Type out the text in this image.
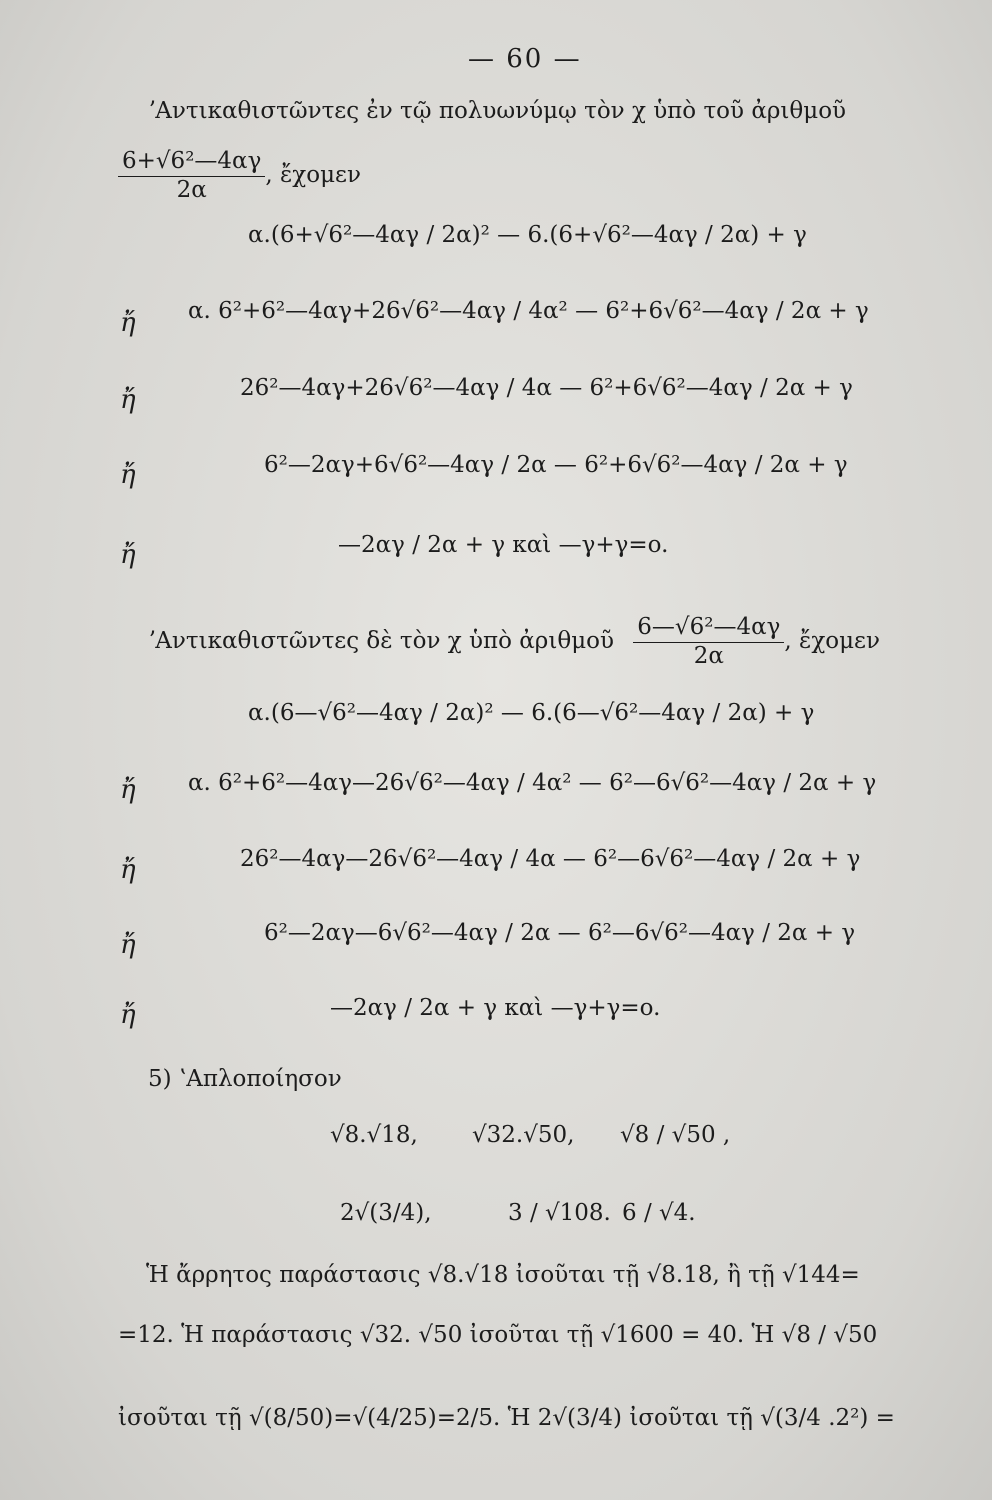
— 60 —
ʼΑντικαθιστῶντες ἐν τῷ πολυωνύμῳ τὸν χ ὑπὸ τοῦ ἀριθμοῦ
$\frac{\text{6+√6²—4αγ}}{2\alpha}$ , ἔχομεν
α.(6+√6²—4αγ / 2α)² — 6.(6+√6²—4αγ / 2α) + γ
ἤ α. 6²+6²—4αγ+26√6²—4αγ / 4α² — 6²+6√6²—4αγ / 2α + γ
ἤ	26²—4αγ+26√6²—4αγ / 4α — 6²+6√6²—4αγ / 2α + γ
ἤ	6²—2αγ+6√6²—4αγ / 2α — 6²+6√6²—4αγ / 2α + γ
ἤ	—2αγ / 2α + γ καὶ —γ+γ=o.
ʼΑντικαθιστῶντες δὲ τὸν χ ὑπὸ ἀριθμοῦ $\frac{\text{6—√6²—4αγ}}{2\alpha}$ , ἔχομεν
α.(6—√6²—4αγ / 2α)² — 6.(6—√6²—4αγ / 2α) + γ
ἤ α. 6²+6²—4αγ—26√6²—4αγ / 4α² — 6²—6√6²—4αγ / 2α + γ
ἤ	26²—4αγ—26√6²—4αγ / 4α — 6²—6√6²—4αγ / 2α + γ
ἤ	6²—2αγ—6√6²—4αγ / 2α — 6²—6√6²—4αγ / 2α + γ
ἤ	—2αγ / 2α + γ καὶ —γ+γ=o.
5) ʽΑπλοποίησον
√8.√18, √32.√50, √8 / √50 ,
2√(3/4),	3 / √108. 6 / √4.
Ἡ ἄρρητος παράστασις √8.√18 ἰσοῦται τῇ √8.18, ἢ τῇ √144=
=12. Ἡ παράστασις √32. √50 ἰσοῦται τῇ √1600 = 40. Ἡ √8 / √50
ἰσοῦται τῇ √(8/50)=√(4/25)=2/5. Ἡ 2√(3/4) ἰσοῦται τῇ √(3/4 .2²) =
